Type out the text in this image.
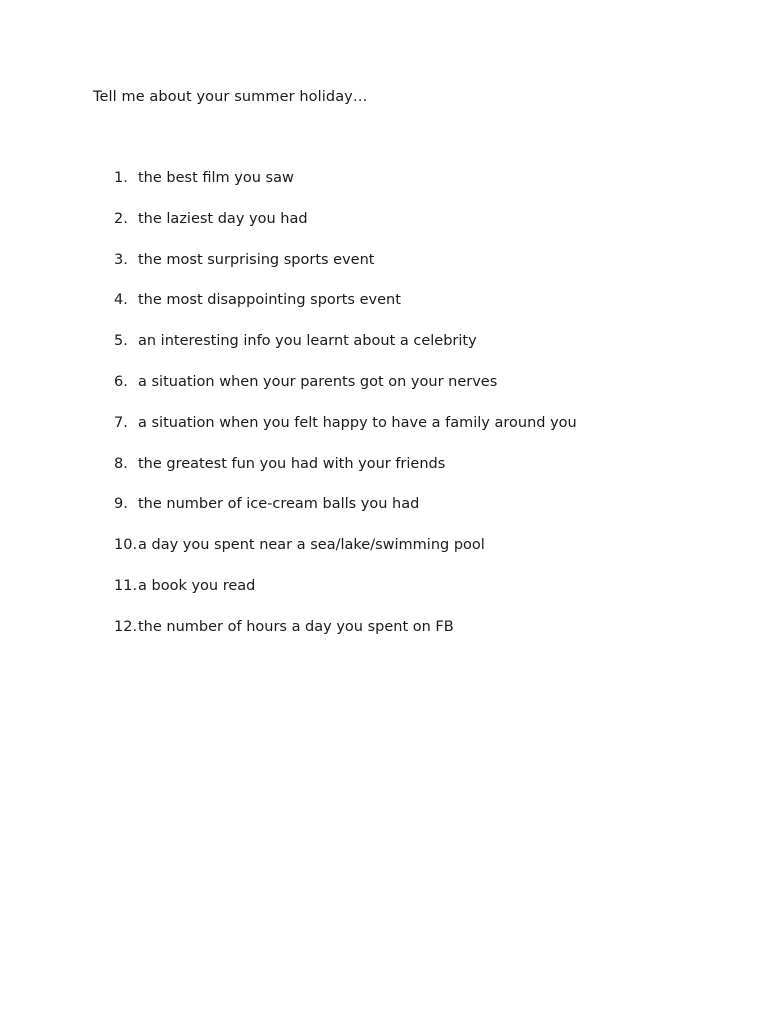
Tell me about your summer holiday…
1. the best film you saw
2. the laziest day you had
3. the most surprising sports event
4. the most disappointing sports event
5. an interesting info you learnt about a celebrity
6. a situation when your parents got on your nerves
7. a situation when you felt happy to have a family around you
8. the greatest fun you had with your friends
9. the number of ice-cream balls you had
10. a day you spent near a sea/lake/swimming pool
11. a book you read
12. the number of hours a day you spent on FB
